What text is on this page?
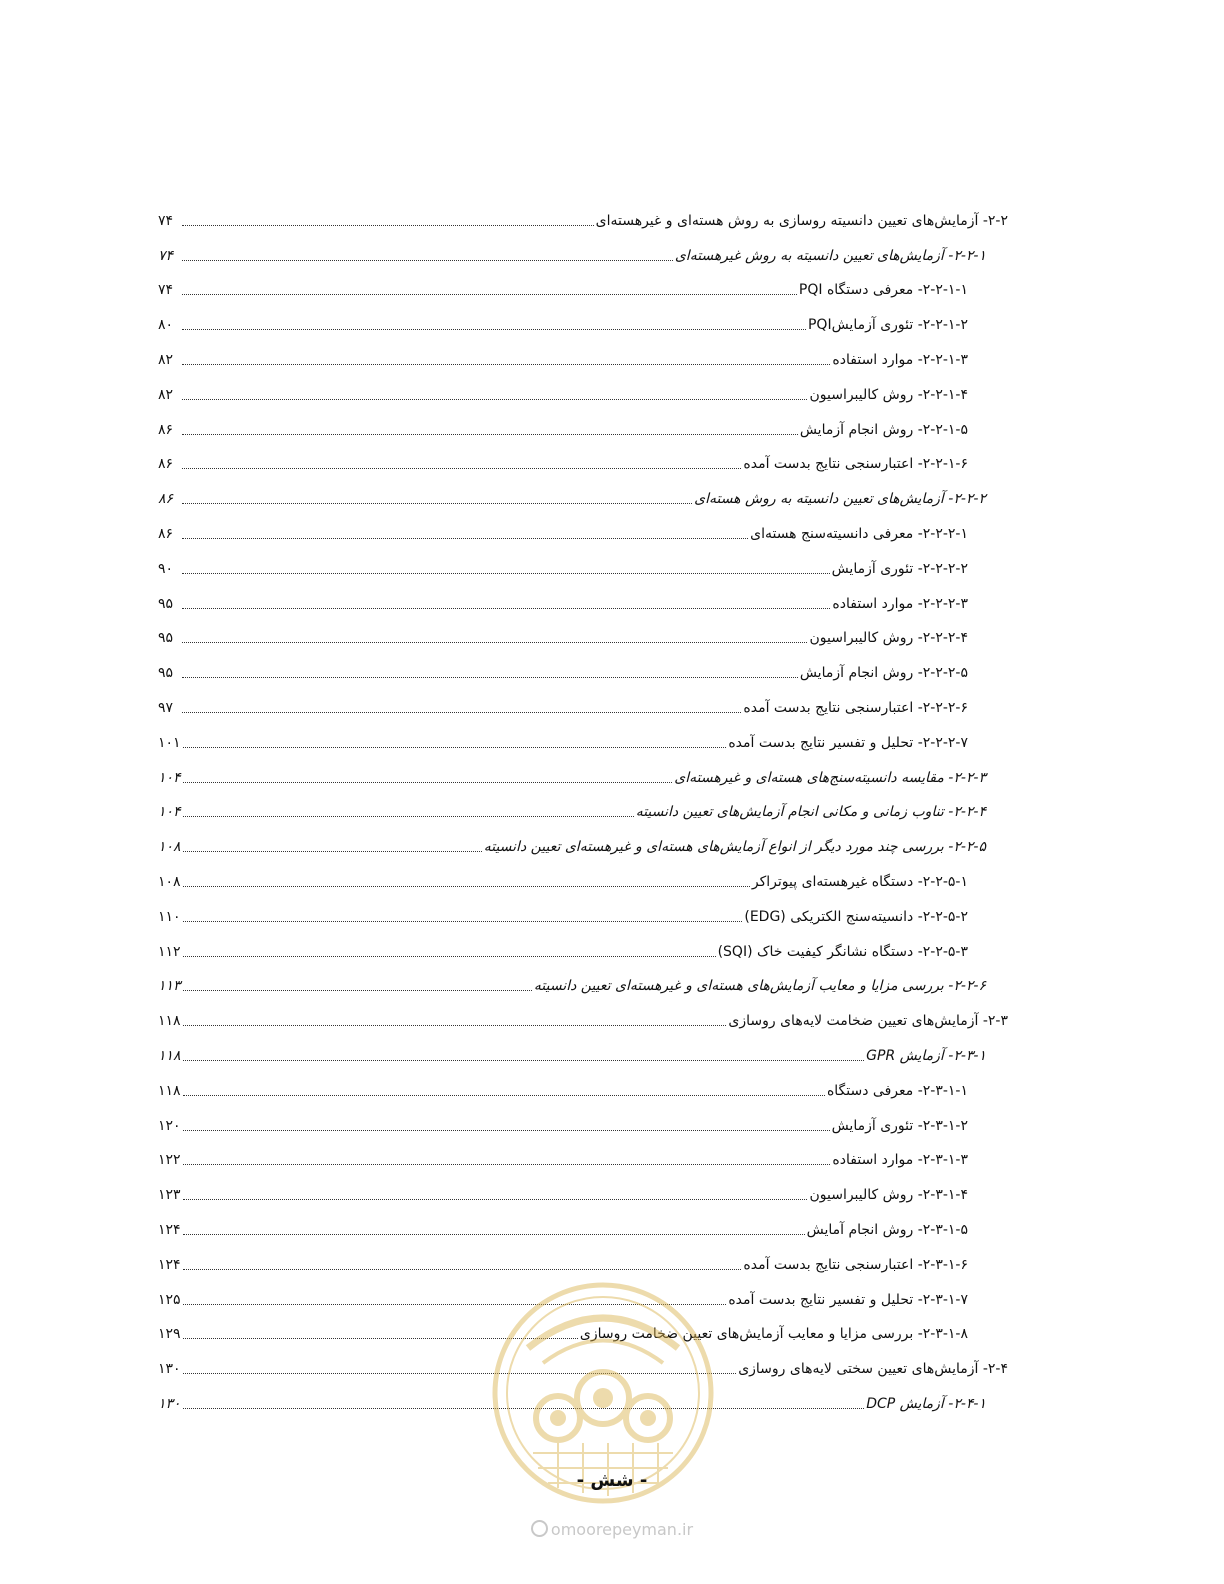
۲-۲- آزمایش‌های تعیین دانسیته روسازی به روش هسته‌ای و غیرهسته‌ای
۷۴
۲-۲-۱- آزمایش‌های تعیین دانسیته به روش غیرهسته‌ای
۷۴
۲-۲-۱-۱- معرفی دستگاه PQI
۷۴
۲-۲-۱-۲- تئوری آزمایشPQI
۸۰
۲-۲-۱-۳- موارد استفاده
۸۲
۲-۲-۱-۴- روش کالیبراسیون
۸۲
۲-۲-۱-۵- روش انجام آزمایش
۸۶
۲-۲-۱-۶- اعتبارسنجی نتایج بدست آمده
۸۶
۲-۲-۲- آزمایش‌های تعیین دانسیته به روش هسته‌ای
۸۶
۲-۲-۲-۱- معرفی دانسیته‌سنج هسته‌ای
۸۶
۲-۲-۲-۲- تئوری آزمایش
۹۰
۲-۲-۲-۳- موارد استفاده
۹۵
۲-۲-۲-۴- روش کالیبراسیون
۹۵
۲-۲-۲-۵- روش انجام آزمایش
۹۵
۲-۲-۲-۶- اعتبارسنجی نتایج بدست آمده
۹۷
۲-۲-۲-۷- تحلیل و تفسیر نتایج بدست آمده
۱۰۱
۲-۲-۳- مقایسه دانسیته‌سنج‌های هسته‌ای و غیرهسته‌ای
۱۰۴
۲-۲-۴- تناوب زمانی و مکانی انجام آزمایش‌های تعیین دانسیته
۱۰۴
۲-۲-۵- بررسی چند مورد دیگر از انواع آزمایش‌های هسته‌ای و غیرهسته‌ای تعیین دانسیته
۱۰۸
۲-۲-۵-۱- دستگاه غیرهسته‌ای پیوتراکر
۱۰۸
۲-۲-۵-۲- دانسیته‌سنج الکتریکی (EDG)
۱۱۰
۲-۲-۵-۳- دستگاه نشانگر کیفیت خاک (SQI)
۱۱۲
۲-۲-۶- بررسی مزایا و معایب آزمایش‌های هسته‌ای و غیرهسته‌ای تعیین دانسیته
۱۱۳
۲-۳- آزمایش‌های تعیین ضخامت لایه‌های روسازی
۱۱۸
۲-۳-۱- آزمایش GPR
۱۱۸
۲-۳-۱-۱- معرفی دستگاه
۱۱۸
۲-۳-۱-۲- تئوری آزمایش
۱۲۰
۲-۳-۱-۳- موارد استفاده
۱۲۲
۲-۳-۱-۴- روش کالیبراسیون
۱۲۳
۲-۳-۱-۵- روش انجام آمایش
۱۲۴
۲-۳-۱-۶- اعتبارسنجی نتایج بدست آمده
۱۲۴
۲-۳-۱-۷- تحلیل و تفسیر نتایج بدست آمده
۱۲۵
۲-۳-۱-۸- بررسی مزایا و معایب آزمایش‌های تعیین ضخامت روسازی
۱۲۹
۲-۴- آزمایش‌های تعیین سختی لایه‌های روسازی
۱۳۰
۲-۴-۱- آزمایش DCP
۱۳۰
- شش -
omoorepeyman.ir
